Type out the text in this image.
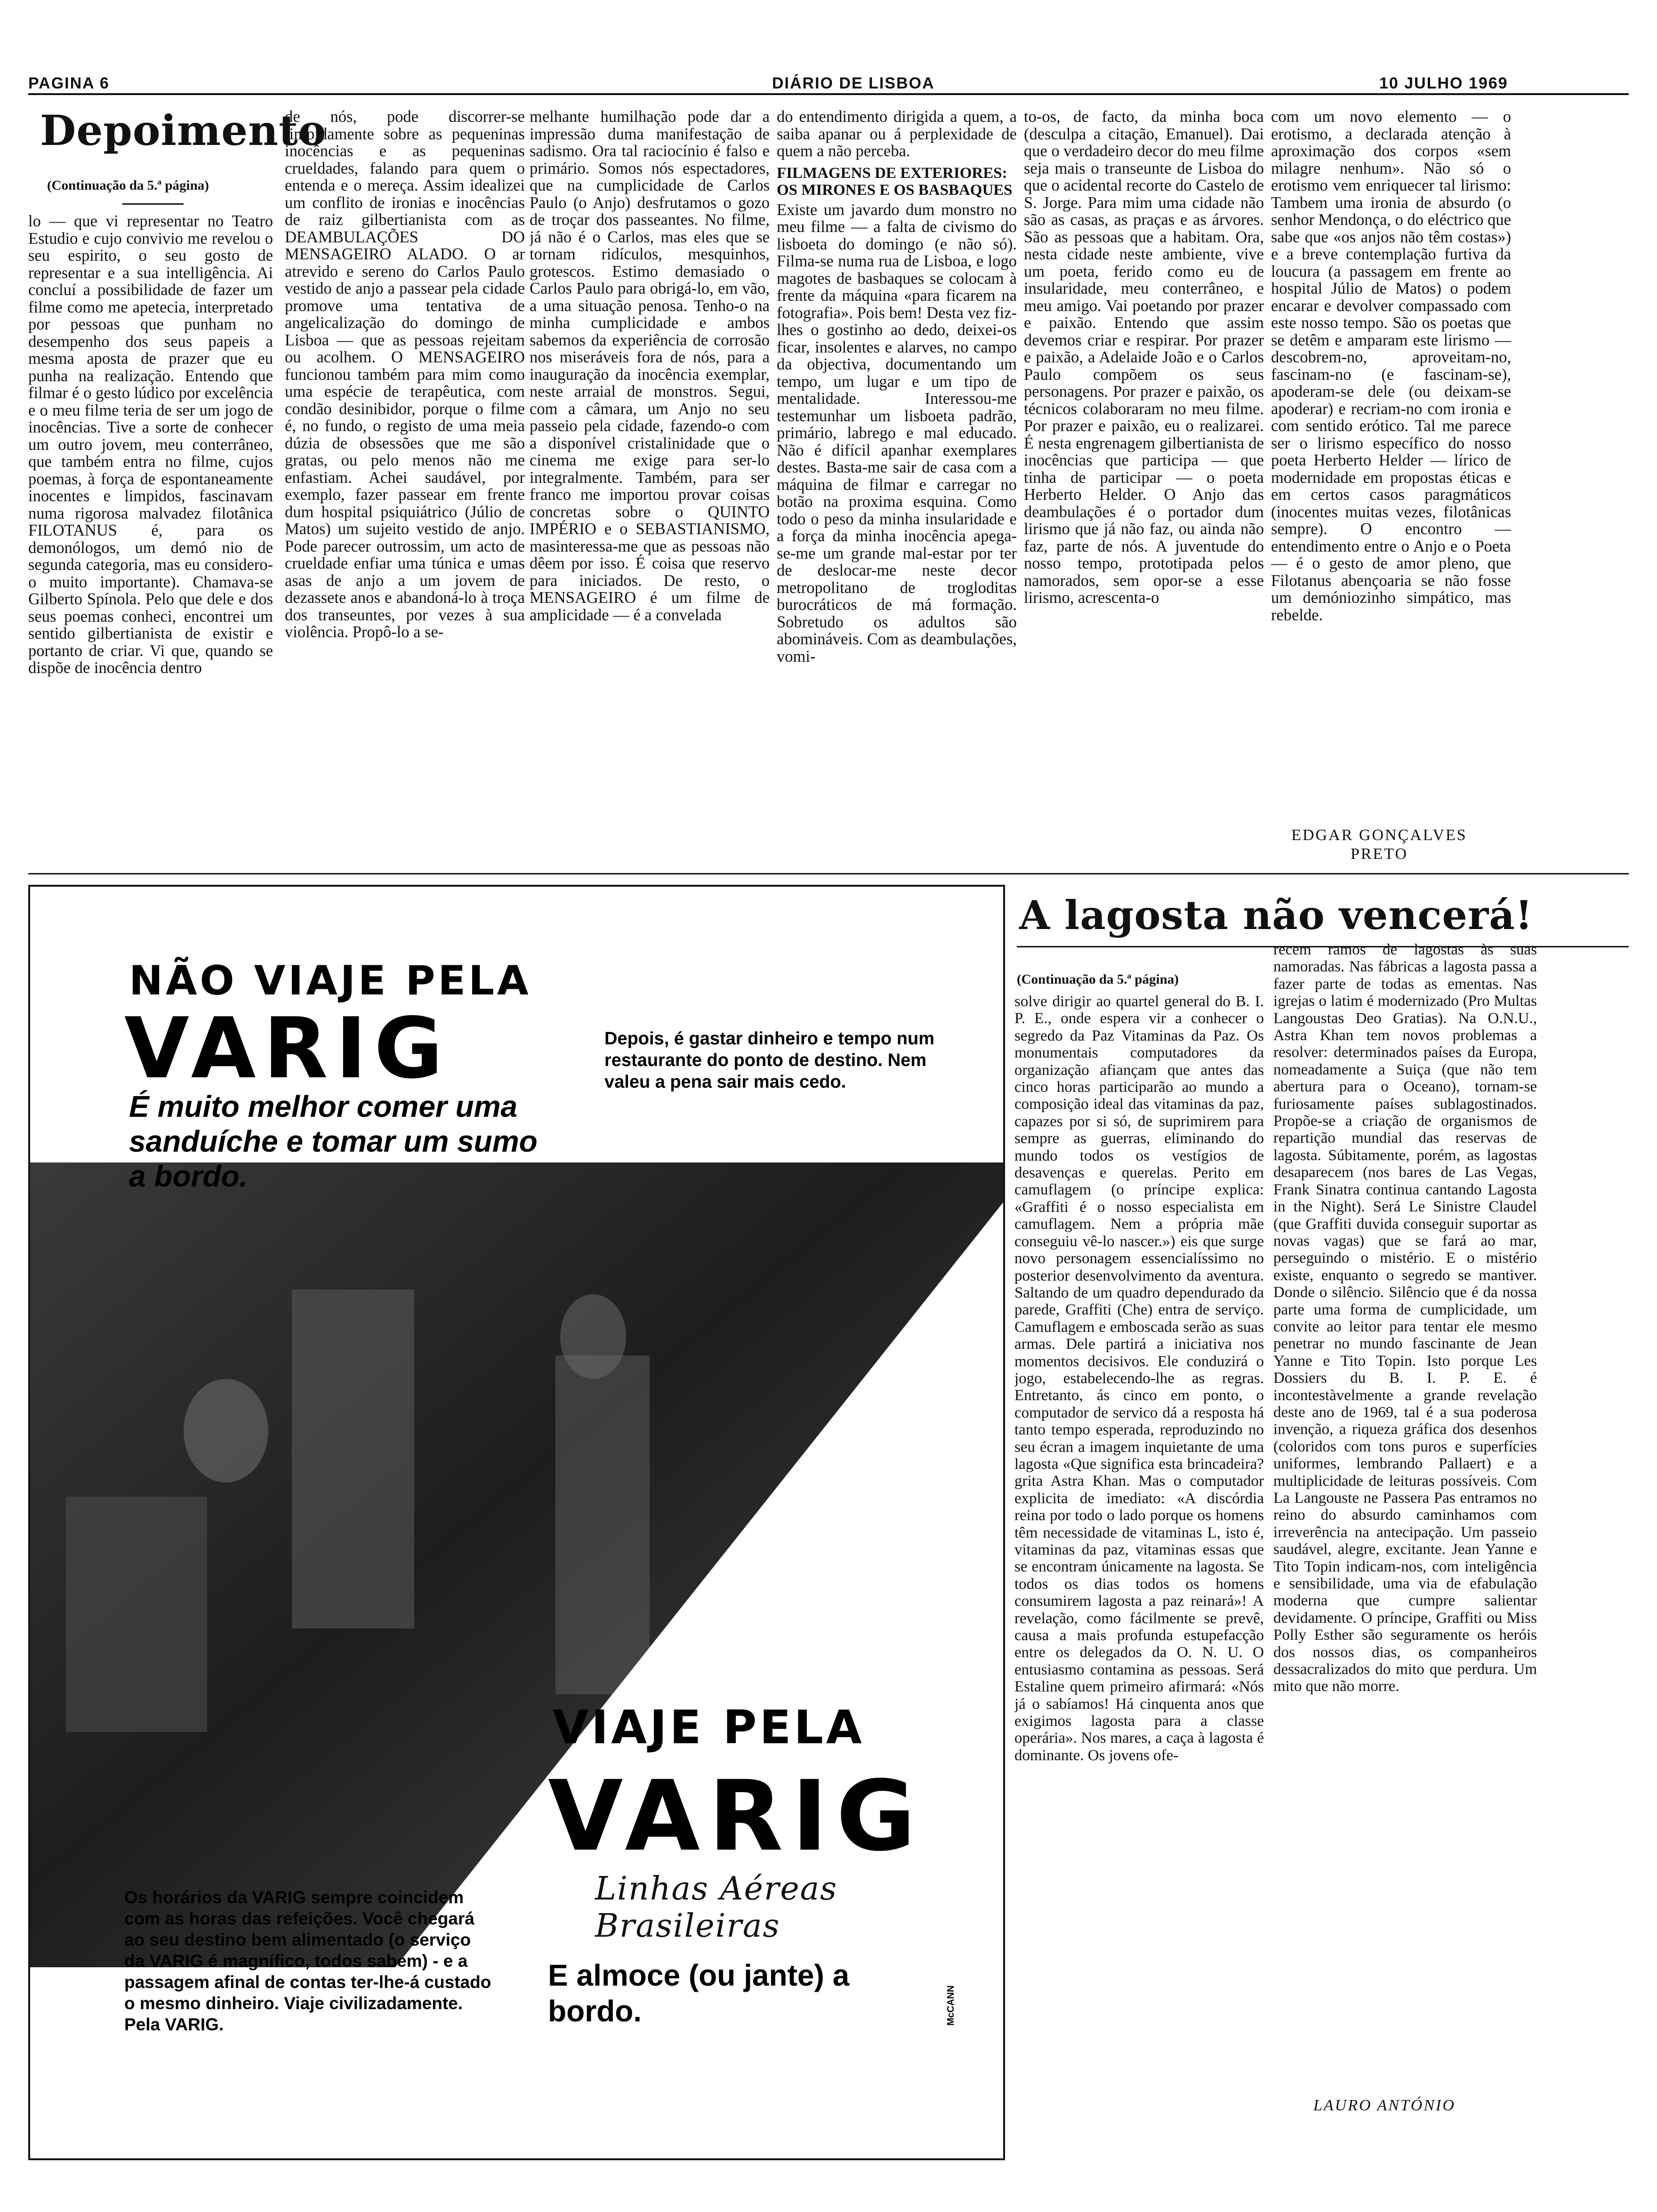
PAGINA 6	DIÁRIO DE LISBOA	10 JULHO 1969
Depoimento
(Continuação da 5.ª página)

lo — que vi representar no Teatro Estudio e cujo convivio me revelou o seu espirito, o seu gosto de representar e a sua intelligência. Ai concluí a possibilidade de fazer um filme como me apetecia, interpretado por pessoas que punham no desempenho dos seus papeis a mesma aposta de prazer que eu punha na realização. Entendo que filmar é o gesto lúdico por excelência e o meu filme teria de ser um jogo de inocências. Tive a sorte de conhecer um outro jovem, meu conterrâneo, que também entra no filme, cujos poemas, à força de espontaneamente inocentes e limpidos, fascinavam numa rigorosa malvadez filotânica FILOTANUS é, para os demonólogos, um demó nio de segunda categoria, mas eu considero-o muito importante). Chamava-se Gilberto Spínola. Pelo que dele e dos seus poemas conheci, encontrei um sentido gilbertianista de existir e portanto de criar. Vi que, quando se dispõe de inocência dentro

de nós, pode discorrer-se limpidamente sobre as pequeninas inocências e as pequeninas crueldades, falando para quem o entenda e o mereça. Assim idealizei um conflito de ironias e inocências de raiz gilbertianista com as DEAMBULAÇÕES DO MENSAGEIRO ALADO. O ar atrevido e sereno do Carlos Paulo vestido de anjo a passear pela cidade promove uma tentativa de angelicalização do domingo de Lisboa — que as pessoas rejeitam ou acolhem. O MENSAGEIRO funcionou também para mim como uma espécie de terapêutica, com condão desinibidor, porque o filme é, no fundo, o registo de uma meia dúzia de obsessões que me são gratas, ou pelo menos não me enfastiam. Achei saudável, por exemplo, fazer passear em frente dum hospital psiquiátrico (Júlio de Matos) um sujeito vestido de anjo. Pode parecer outrossim, um acto de crueldade enfiar uma túnica e umas asas de anjo a um jovem de dezassete anos e abandoná-lo à troça dos transeuntes, por vezes à sua violência. Propô-lo a se-

melhante humilhação pode dar a impressão duma manifestação de sadismo. Ora tal raciocínio é falso e primário. Somos nós espectadores, que na cumplicidade de Carlos Paulo (o Anjo) desfrutamos o gozo de troçar dos passeantes. No filme, já não é o Carlos, mas eles que se tornam ridículos, mesquinhos, grotescos. Estimo demasiado o Carlos Paulo para obrigá-lo, em vão, a uma situação penosa. Tenho-o na minha cumplicidade e ambos sabemos da experiência de corrosão nos miseráveis fora de nós, para a inauguração da inocência exemplar, neste arraial de monstros. Segui, com a câmara, um Anjo no seu passeio pela cidade, fazendo-o com a disponível cristalinidade que o cinema me exige para ser-lo integralmente. Também, para ser franco me importou provar coisas concretas sobre o QUINTO IMPÉRIO e o SEBASTIANISMO, masinteressa-me que as pessoas não dêem por isso. É coisa que reservo para iniciados. De resto, o MENSAGEIRO é um filme de amplicidade — é a convelada

do entendimento dirigida a quem, a saiba apanar ou á perplexidade de quem a não perceba.

FILMAGENS DE EXTERIORES: OS MIRONES E OS BASBAQUES

Existe um javardo dum monstro no meu filme — a falta de civismo do lisboeta do domingo (e não só). Filma-se numa rua de Lisboa, e logo magotes de basbaques se colocam à frente da máquina «para ficarem na fotografia». Pois bem! Desta vez fiz-lhes o gostinho ao dedo, deixei-os ficar, insolentes e alarves, no campo da objectiva, documentando um tempo, um lugar e um tipo de mentalidade. Interessou-me testemunhar um lisboeta padrão, primário, labrego e mal educado. Não é difícil apanhar exemplares destes. Basta-me sair de casa com a máquina de filmar e carregar no botão na proxima esquina. Como todo o peso da minha insularidade e a força da minha inocência apega-se-me um grande mal-estar por ter de deslocar-me neste decor metropolitano de trogloditas burocráticos de má formação. Sobretudo os adultos são abomináveis. Com as deambulações, vomi-

to-os, de facto, da minha boca (desculpa a citação, Emanuel). Dai que o verdadeiro decor do meu filme seja mais o transeunte de Lisboa do que o acidental recorte do Castelo de S. Jorge. Para mim uma cidade não são as casas, as praças e as árvores. São as pessoas que a habitam. Ora, nesta cidade neste ambiente, vive um poeta, ferido como eu de insularidade, meu conterrâneo, e meu amigo. Vai poetando por prazer e paixão. Entendo que assim devemos criar e respirar. Por prazer e paixão, a Adelaide João e o Carlos Paulo compõem os seus personagens. Por prazer e paixão, os técnicos colaboraram no meu filme. Por prazer e paixão, eu o realizarei. É nesta engrenagem gilbertianista de inocências que participa — que tinha de participar — o poeta Herberto Helder. O Anjo das deambulações é o portador dum lirismo que já não faz, ou ainda não faz, parte de nós. A juventude do nosso tempo, prototipada pelos namorados, sem opor-se a esse lirismo, acrescenta-o

com um novo elemento — o erotismo, a declarada atenção à aproximação dos corpos «sem milagre nenhum». Não só o erotismo vem enriquecer tal lirismo: Tambem uma ironia de absurdo (o senhor Mendonça, o do eléctrico que sabe que «os anjos não têm costas») e a breve contemplação furtiva da loucura (a passagem em frente ao hospital Júlio de Matos) o podem encarar e devolver compassado com este nosso tempo. São os poetas que se detêm e amparam este lirismo — descobrem-no, aproveitam-no, fascinam-no (e fascinam-se), apoderam-se dele (ou deixam-se apoderar) e recriam-no com ironia e com sentido erótico. Tal me parece ser o lirismo específico do nosso poeta Herberto Helder — lírico de modernidade em propostas éticas e em certos casos paragmáticos (inocentes muitas vezes, filotânicas sempre). O encontro — entendimento entre o Anjo e o Poeta — é o gesto de amor pleno, que Filotanus abençoaria se não fosse um demóniozinho simpático, mas rebelde.

EDGAR GONÇALVES PRETO
NÃO VIAJE PELA
VARIG
É muito melhor comer uma sanduíche e tomar um sumo a bordo.
Depois, é gastar dinheiro e tempo num restaurante do ponto de destino. Nem valeu a pena sair mais cedo.
Os horários da VARIG sempre coincidem com as horas das refeições. Você chegará ao seu destino bem alimentado (o serviço da VARIG é magnífico, todos sabem) - e a passagem afinal de contas ter-lhe-á custado o mesmo dinheiro. Viaje civilizadamente. Pela VARIG.
VIAJE PELA
VARIG
Linhas Aéreas Brasileiras
E almoce (ou jante) a bordo.	McCANN
A lagosta não vencerá!
(Continuação da 5.ª página)

solve dirigir ao quartel general do B. I. P. E., onde espera vir a conhecer o segredo da Paz Vitaminas da Paz. Os monumentais computadores da organização afiançam que antes das cinco horas participarão ao mundo a composição ideal das vitaminas da paz, capazes por si só, de suprimirem para sempre as guerras, eliminando do mundo todos os vestígios de desavenças e querelas. Perito em camuflagem (o príncipe explica: «Graffiti é o nosso especialista em camuflagem. Nem a própria mãe conseguiu vê-lo nascer.») eis que surge novo personagem essencialíssimo no posterior desenvolvimento da aventura. Saltando de um quadro dependurado da parede, Graffiti (Che) entra de serviço. Camuflagem e emboscada serão as suas armas. Dele partirá a iniciativa nos momentos decisivos. Ele conduzirá o jogo, estabelecendo-lhe as regras. Entretanto, ás cinco em ponto, o computador de servico dá a resposta há tanto tempo esperada, reproduzindo no seu écran a imagem inquietante de uma lagosta «Que significa esta brincadeira? grita Astra Khan. Mas o computador explicita de imediato: «A discórdia reina por todo o lado porque os homens têm necessidade de vitaminas L, isto é, vitaminas da paz, vitaminas essas que se encontram únicamente na lagosta. Se todos os dias todos os homens consumirem lagosta a paz reinará»! A revelação, como fácilmente se prevê, causa a mais profunda estupefacção entre os delegados da O. N. U. O entusiasmo contamina as pessoas. Será Estaline quem primeiro afirmará: «Nós já o sabíamos! Há cinquenta anos que exigimos lagosta para a classe operária». Nos mares, a caça à lagosta é dominante. Os jovens ofe-

recem ramos de lagostas às suas namoradas. Nas fábricas a lagosta passa a fazer parte de todas as ementas. Nas igrejas o latim é modernizado (Pro Multas Langoustas Deo Gratias). Na O.N.U., Astra Khan tem novos problemas a resolver: determinados países da Europa, nomeadamente a Suiça (que não tem abertura para o Oceano), tornam-se furiosamente países sublagostinados. Propõe-se a criação de organismos de repartição mundial das reservas de lagosta. Súbitamente, porém, as lagostas desaparecem (nos bares de Las Vegas, Frank Sinatra continua cantando Lagosta in the Night). Será Le Sinistre Claudel (que Graffiti duvida conseguir suportar as novas vagas) que se fará ao mar, perseguindo o mistério. E o mistério existe, enquanto o segredo se mantiver. Donde o silêncio. Silêncio que é da nossa parte uma forma de cumplicidade, um convite ao leitor para tentar ele mesmo penetrar no mundo fascinante de Jean Yanne e Tito Topin. Isto porque Les Dossiers du B. I. P. E. é incontestàvelmente a grande revelação deste ano de 1969, tal é a sua poderosa invenção, a riqueza gráfica dos desenhos (coloridos com tons puros e superfícies uniformes, lembrando Pallaert) e a multiplicidade de leituras possíveis. Com La Langouste ne Passera Pas entramos no reino do absurdo caminhamos com irreverência na antecipação. Um passeio saudável, alegre, excitante. Jean Yanne e Tito Topin indicam-nos, com inteligência e sensibilidade, uma via de efabulação moderna que cumpre salientar devidamente. O príncipe, Graffiti ou Miss Polly Esther são seguramente os heróis dos nossos dias, os companheiros dessacralizados do mito que perdura. Um mito que não morre.

LAURO ANTÓNIO
